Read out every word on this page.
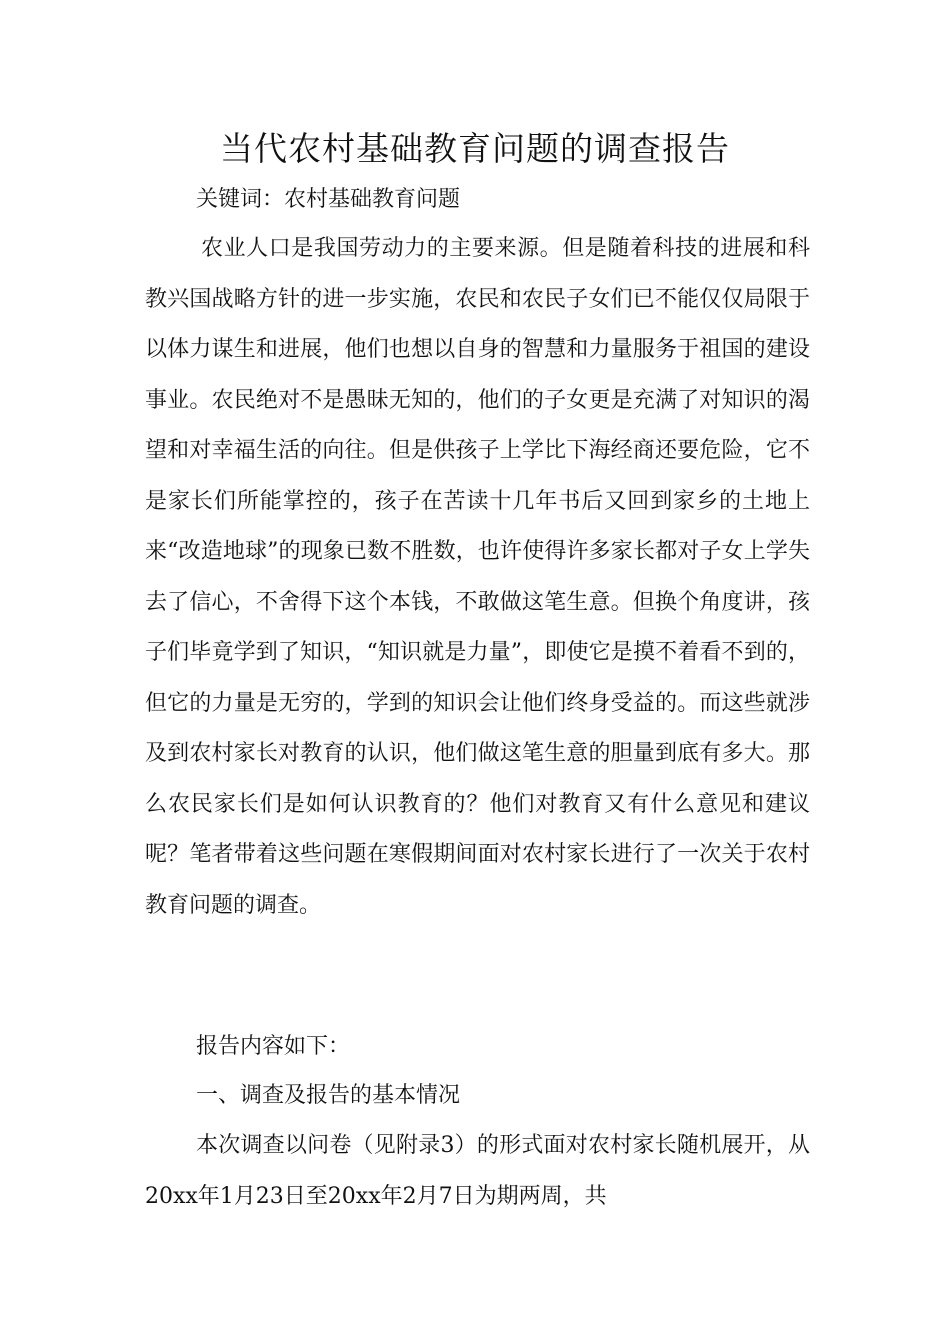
当代农村基础教育问题的调查报告
关键词：农村基础教育问题
农业人口是我国劳动力的主要来源。但是随着科技的进展和科教兴国战略方针的进一步实施，农民和农民子女们已不能仅仅局限于以体力谋生和进展，他们也想以自身的智慧和力量服务于祖国的建设事业。农民绝对不是愚昧无知的，他们的子女更是充满了对知识的渴望和对幸福生活的向往。但是供孩子上学比下海经商还要危险，它不是家长们所能掌控的，孩子在苦读十几年书后又回到家乡的土地上来“改造地球”的现象已数不胜数，也许使得许多家长都对子女上学失去了信心，不舍得下这个本钱，不敢做这笔生意。但换个角度讲，孩子们毕竟学到了知识，“知识就是力量”，即使它是摸不着看不到的，但它的力量是无穷的，学到的知识会让他们终身受益的。而这些就涉及到农村家长对教育的认识，他们做这笔生意的胆量到底有多大。那么农民家长们是如何认识教育的？他们对教育又有什么意见和建议呢？笔者带着这些问题在寒假期间面对农村家长进行了一次关于农村教育问题的调查。
报告内容如下：
一、调查及报告的基本情况
本次调查以问卷（见附录3）的形式面对农村家长随机展开，从20xx年1月23日至20xx年2月7日为期两周，共
